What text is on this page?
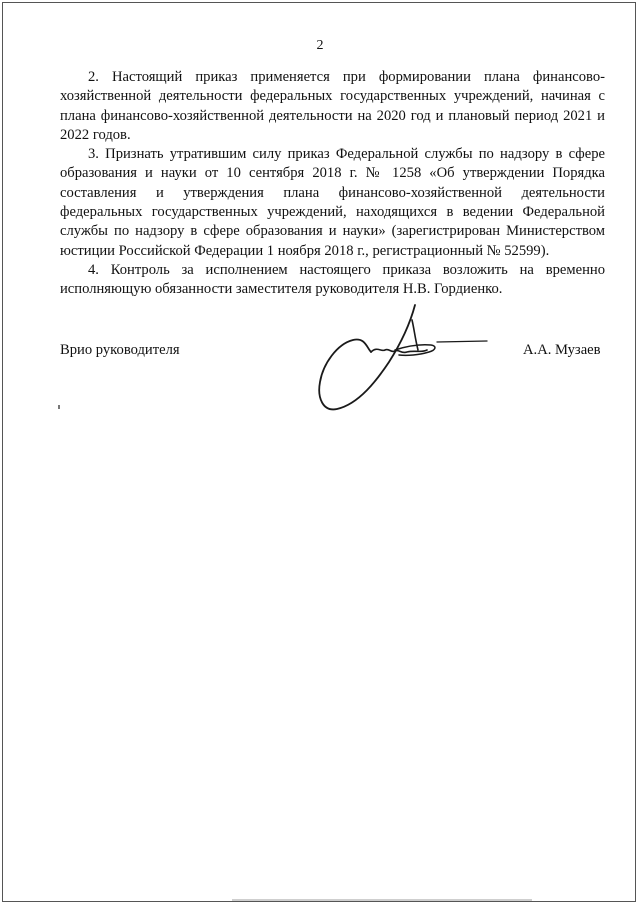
2

2. Настоящий приказ применяется при формировании плана финансово-хозяйственной деятельности федеральных государственных учреждений, начиная с плана финансово-хозяйственной деятельности на 2020 год и плановый период 2021 и 2022 годов.

3. Признать утратившим силу приказ Федеральной службы по надзору в сфере образования и науки от 10 сентября 2018 г. № 1258 «Об утверждении Порядка составления и утверждения плана финансово-хозяйственной деятельности федеральных государственных учреждений, находящихся в ведении Федеральной службы по надзору в сфере образования и науки» (зарегистрирован Министерством юстиции Российской Федерации 1 ноября 2018 г., регистрационный № 52599).

4. Контроль за исполнением настоящего приказа возложить на временно исполняющую обязанности заместителя руководителя Н.В. Гордиенко.

Врио руководителя	А.А. Музаев
